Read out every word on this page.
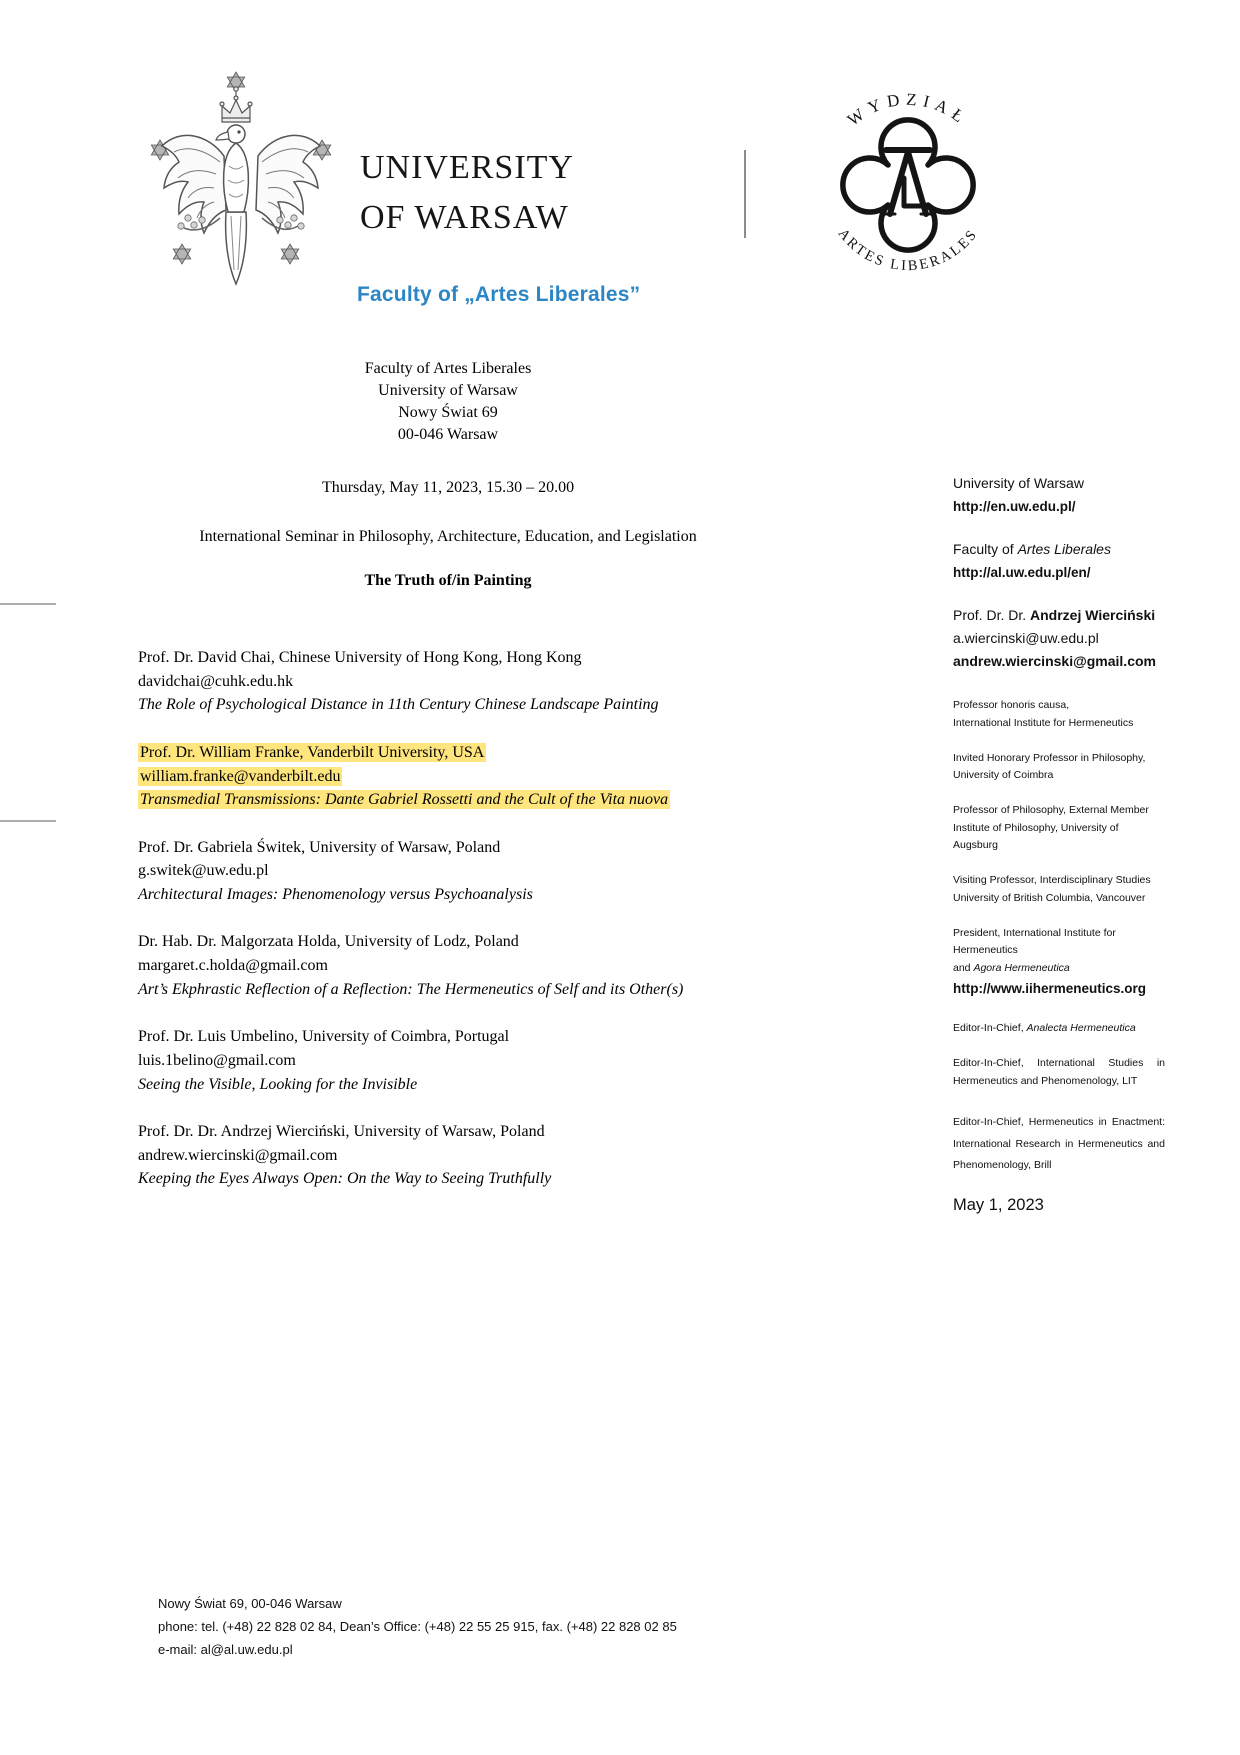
UNIVERSITY
OF WARSAW
WYDZIAŁ
ARTES LIBERALES
Faculty of „Artes Liberales”
Faculty of Artes Liberales
University of Warsaw
Nowy Świat 69
00-046 Warsaw
Thursday, May 11, 2023, 15.30 – 20.00
International Seminar in Philosophy, Architecture, Education, and Legislation
The Truth of/in Painting

Prof. Dr. David Chai, Chinese University of Hong Kong, Hong Kong

davidchai@cuhk.edu.hk

The Role of Psychological Distance in 11th Century Chinese Landscape Painting

Prof. Dr. William Franke, Vanderbilt University, USA

william.franke@vanderbilt.edu

Transmedial Transmissions: Dante Gabriel Rossetti and the Cult of the Vita nuova

Prof. Dr. Gabriela Świtek, University of Warsaw, Poland

g.switek@uw.edu.pl

Architectural Images: Phenomenology versus Psychoanalysis

Dr. Hab. Dr. Malgorzata Holda, University of Lodz, Poland

margaret.c.holda@gmail.com

Art’s Ekphrastic Reflection of a Reflection: The Hermeneutics of Self and its Other(s)

Prof. Dr. Luis Umbelino, University of Coimbra, Portugal

luis.1belino@gmail.com

Seeing the Visible, Looking for the Invisible

Prof. Dr. Dr. Andrzej Wierciński, University of Warsaw, Poland

andrew.wiercinski@gmail.com

Keeping the Eyes Always Open: On the Way to Seeing Truthfully

University of Warsaw
http://en.uw.edu.pl/
Faculty of Artes Liberales
http://al.uw.edu.pl/en/
Prof. Dr. Dr. Andrzej Wierciński
a.wiercinski@uw.edu.pl
andrew.wiercinski@gmail.com
Professor honoris causa,
International Institute for Hermeneutics
Invited Honorary Professor in Philosophy,
University of Coimbra
Professor of Philosophy, External Member
Institute of Philosophy, University of Augsburg
Visiting Professor, Interdisciplinary Studies
University of British Columbia, Vancouver
President, International Institute for Hermeneutics
and Agora Hermeneutica
http://www.iihermeneutics.org
Editor-In-Chief, Analecta Hermeneutica
Editor-In-Chief, International Studies in Hermeneutics and Phenomenology, LIT
Editor-In-Chief, Hermeneutics in Enactment: International Research in Hermeneutics and Phenomenology, Brill
May 1, 2023

Nowy Świat 69, 00-046 Warsaw

phone: tel. (+48) 22 828 02 84, Dean’s Office: (+48) 22 55 25 915, fax. (+48) 22 828 02 85

e-mail: al@al.uw.edu.pl
